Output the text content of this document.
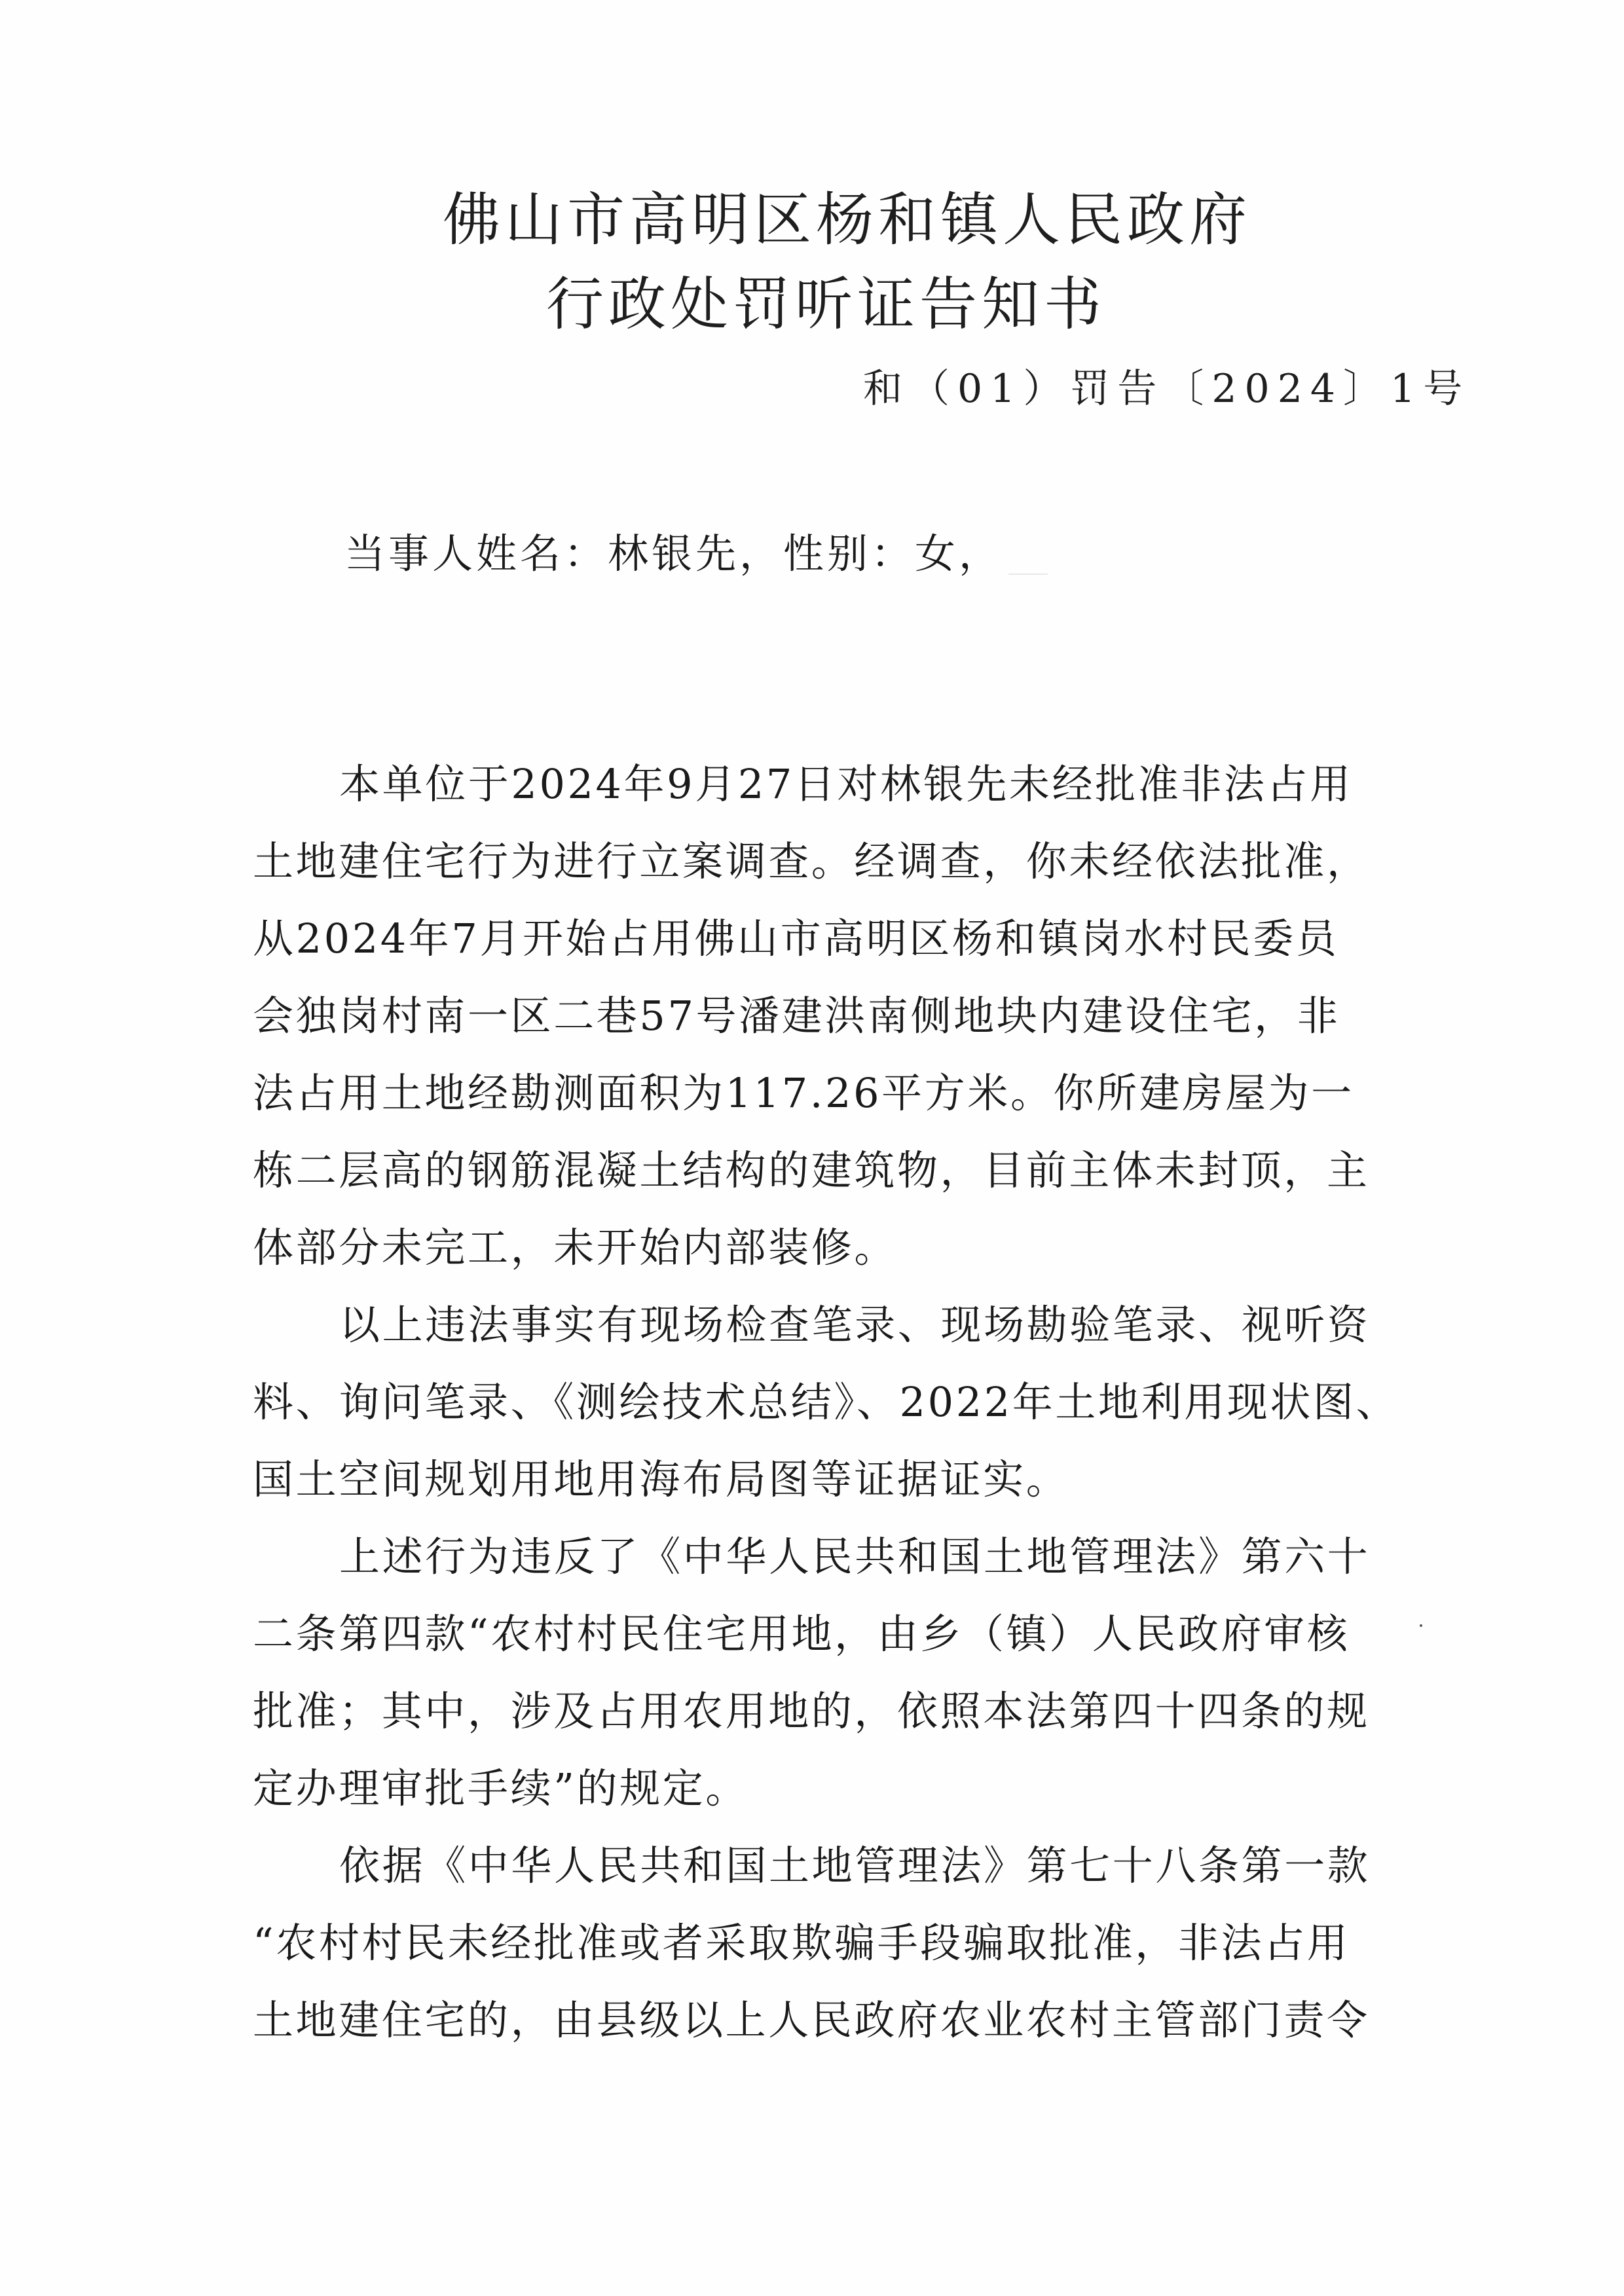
佛山市高明区杨和镇人民政府
行政处罚听证告知书
和（01）罚告〔2024〕1号
当事人姓名：林银先，性别：女，
本单位于2024年9月27日对林银先未经批准非法占用
土地建住宅行为进行立案调查。经调查，你未经依法批准，
从2024年7月开始占用佛山市高明区杨和镇岗水村民委员
会独岗村南一区二巷57号潘建洪南侧地块内建设住宅，非
法占用土地经勘测面积为117.26平方米。你所建房屋为一
栋二层高的钢筋混凝土结构的建筑物，目前主体未封顶，主
体部分未完工，未开始内部装修。
以上违法事实有现场检查笔录、现场勘验笔录、视听资
料、询问笔录、《测绘技术总结》、2022年土地利用现状图、
国土空间规划用地用海布局图等证据证实。
上述行为违反了《中华人民共和国土地管理法》第六十
二条第四款“农村村民住宅用地，由乡（镇）人民政府审核
批准；其中，涉及占用农用地的，依照本法第四十四条的规
定办理审批手续”的规定。
依据《中华人民共和国土地管理法》第七十八条第一款
“农村村民未经批准或者采取欺骗手段骗取批准，非法占用
土地建住宅的，由县级以上人民政府农业农村主管部门责令
